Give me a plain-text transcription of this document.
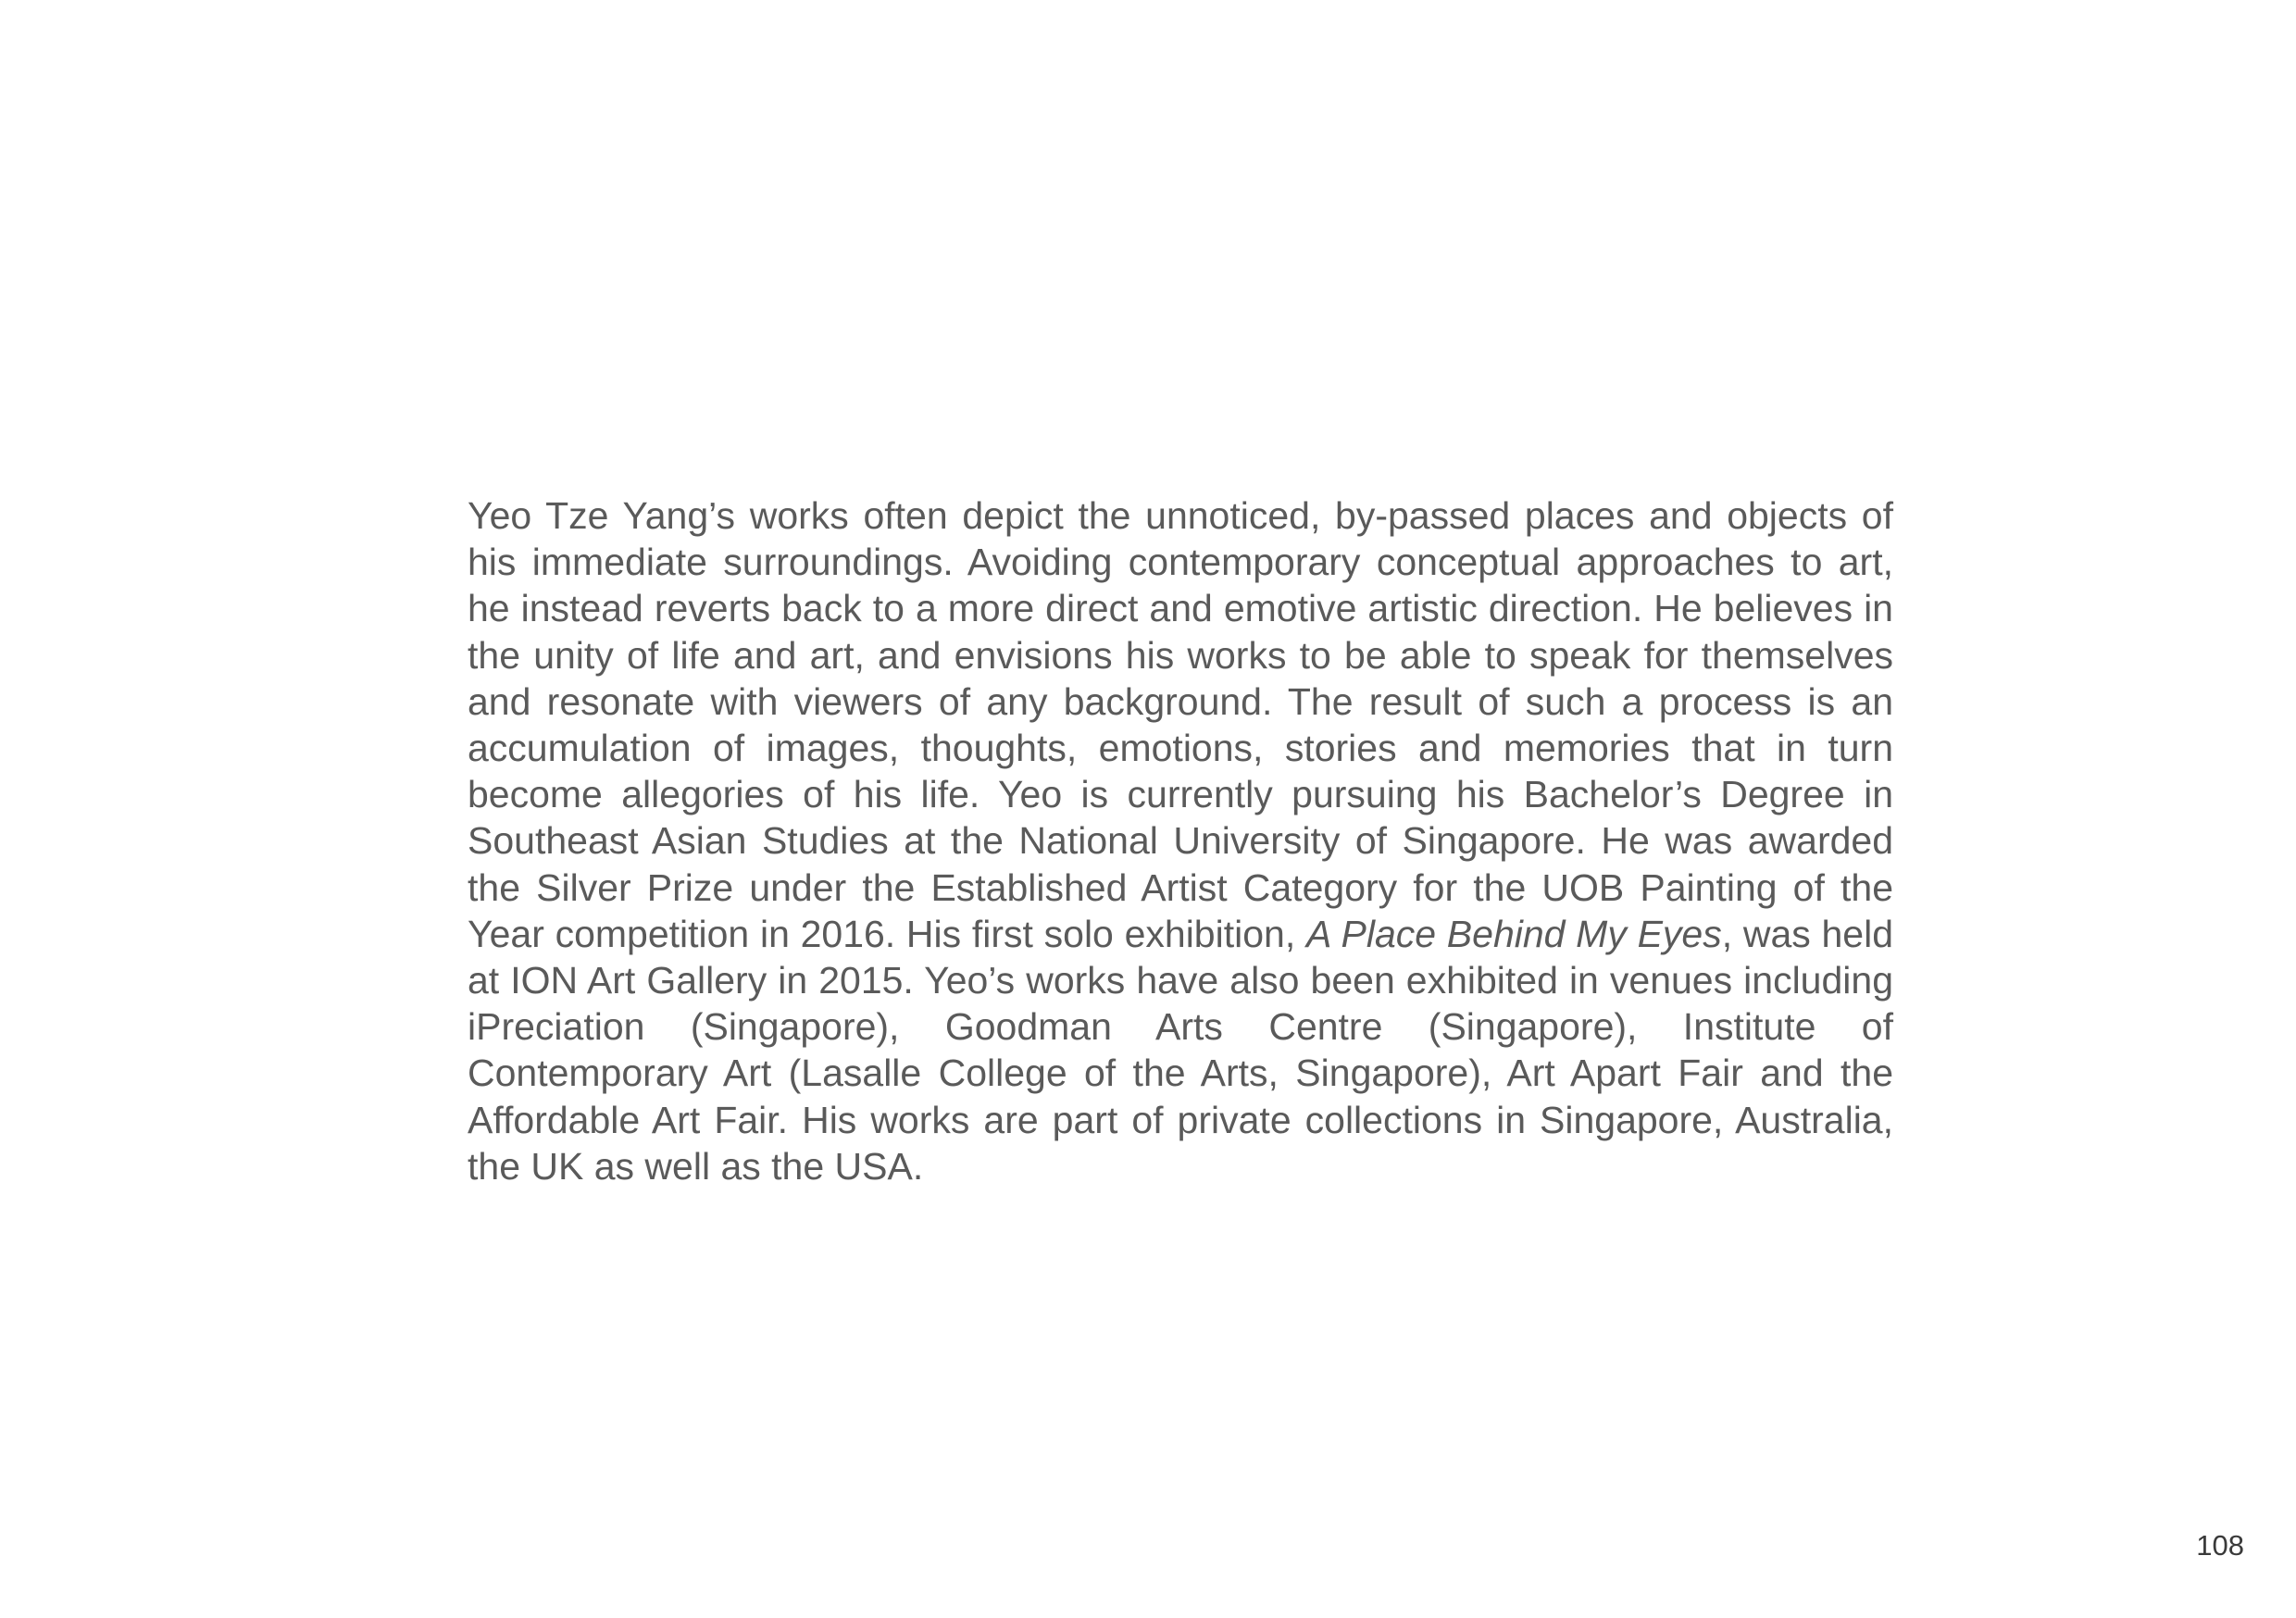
Yeo Tze Yang’s works often depict the unnoticed, by-passed places and objects of his immediate surroundings. Avoiding contemporary conceptual approaches to art, he instead reverts back to a more direct and emotive artistic direction. He believes in the unity of life and art, and envisions his works to be able to speak for themselves and resonate with viewers of any background. The result of such a process is an accumulation of images, thoughts, emotions, stories and memories that in turn become allegories of his life. Yeo is currently pursuing his Bachelor’s Degree in Southeast Asian Studies at the National University of Singapore. He was awarded the Silver Prize under the Established Artist Category for the UOB Painting of the Year competition in 2016. His first solo exhibition, A Place Behind My Eyes, was held at ION Art Gallery in 2015. Yeo’s works have also been exhibited in venues including iPreciation (Singapore), Goodman Arts Centre (Singapore), Institute of Contemporary Art (Lasalle College of the Arts, Singapore), Art Apart Fair and the Affordable Art Fair. His works are part of private collections in Singapore, Australia, the UK as well as the USA.

108
